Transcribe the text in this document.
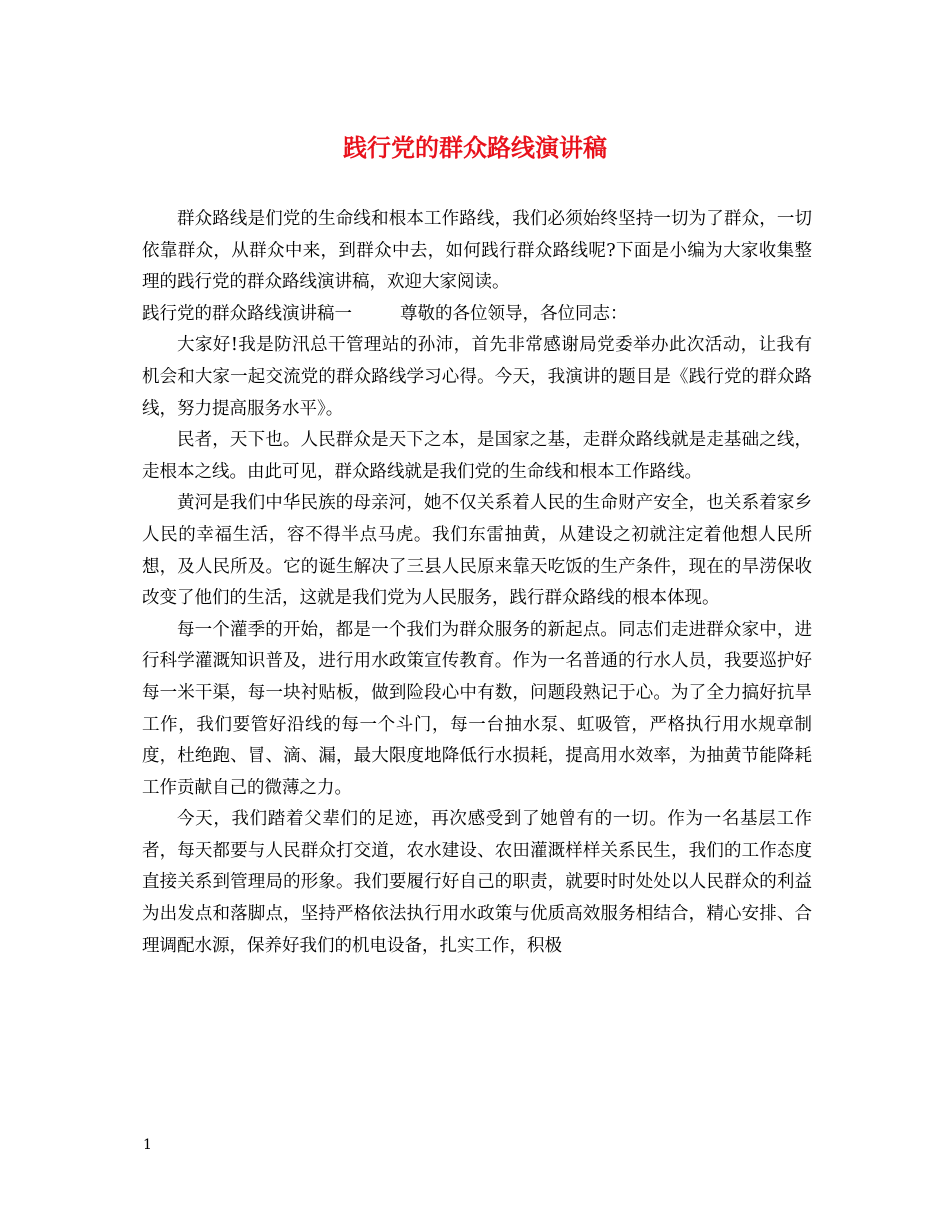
践行党的群众路线演讲稿

群众路线是们党的生命线和根本工作路线，我们必须始终坚持一切为了群众，一切依靠群众，从群众中来，到群众中去，如何践行群众路线呢?下面是小编为大家收集整理的践行党的群众路线演讲稿，欢迎大家阅读。

践行党的群众路线演讲稿一	尊敬的各位领导，各位同志：

大家好!我是防汛总干管理站的孙沛，首先非常感谢局党委举办此次活动，让我有机会和大家一起交流党的群众路线学习心得。今天，我演讲的题目是《践行党的群众路线，努力提高服务水平》。

民者，天下也。人民群众是天下之本，是国家之基，走群众路线就是走基础之线，走根本之线。由此可见，群众路线就是我们党的生命线和根本工作路线。

黄河是我们中华民族的母亲河，她不仅关系着人民的生命财产安全，也关系着家乡人民的幸福生活，容不得半点马虎。我们东雷抽黄，从建设之初就注定着他想人民所想，及人民所及。它的诞生解决了三县人民原来靠天吃饭的生产条件，现在的旱涝保收改变了他们的生活，这就是我们党为人民服务，践行群众路线的根本体现。

每一个灌季的开始，都是一个我们为群众服务的新起点。同志们走进群众家中，进行科学灌溉知识普及，进行用水政策宣传教育。作为一名普通的行水人员，我要巡护好每一米干渠，每一块衬贴板，做到险段心中有数，问题段熟记于心。为了全力搞好抗旱工作，我们要管好沿线的每一个斗门，每一台抽水泵、虹吸管，严格执行用水规章制度，杜绝跑、冒、滴、漏，最大限度地降低行水损耗，提高用水效率，为抽黄节能降耗工作贡献自己的微薄之力。

今天，我们踏着父辈们的足迹，再次感受到了她曾有的一切。作为一名基层工作者，每天都要与人民群众打交道，农水建设、农田灌溉样样关系民生，我们的工作态度直接关系到管理局的形象。我们要履行好自己的职责，就要时时处处以人民群众的利益为出发点和落脚点，坚持严格依法执行用水政策与优质高效服务相结合，精心安排、合理调配水源，保养好我们的机电设备，扎实工作，积极

1
